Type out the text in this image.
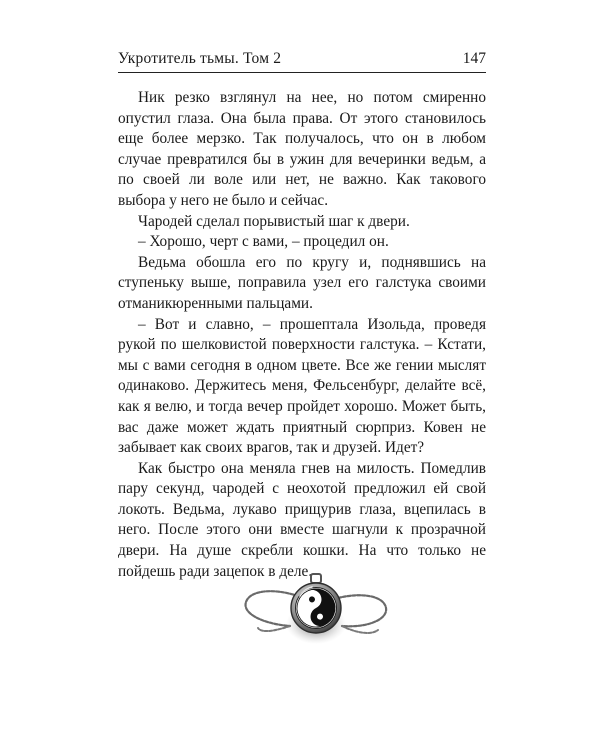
Укротитель тьмы. Том 2	147

Ник резко взглянул на нее, но потом смиренно опустил глаза. Она была права. От этого становилось еще более мерзко. Так получалось, что он в любом случае превратился бы в ужин для вечеринки ведьм, а по своей ли воле или нет, не важно. Как такового выбора у него не было и сейчас.

Чародей сделал порывистый шаг к двери.

– Хорошо, черт с вами, – процедил он.

Ведьма обошла его по кругу и, поднявшись на ступеньку выше, поправила узел его галстука своими отманикюренными пальцами.

– Вот и славно, – прошептала Изольда, проведя рукой по шелковистой поверхности галстука. – Кстати, мы с вами сегодня в одном цвете. Все же гении мыслят одинаково. Держитесь меня, Фельсенбург, делайте всё, как я велю, и тогда вечер пройдет хорошо. Может быть, вас даже может ждать приятный сюрприз. Ковен не забывает как своих врагов, так и друзей. Идет?

Как быстро она меняла гнев на милость. Помедлив пару секунд, чародей с неохотой предложил ей свой локоть. Ведьма, лукаво прищурив глаза, вцепилась в него. После этого они вместе шагнули к прозрачной двери. На душе скребли кошки. На что только не пойдешь ради зацепок в деле.
